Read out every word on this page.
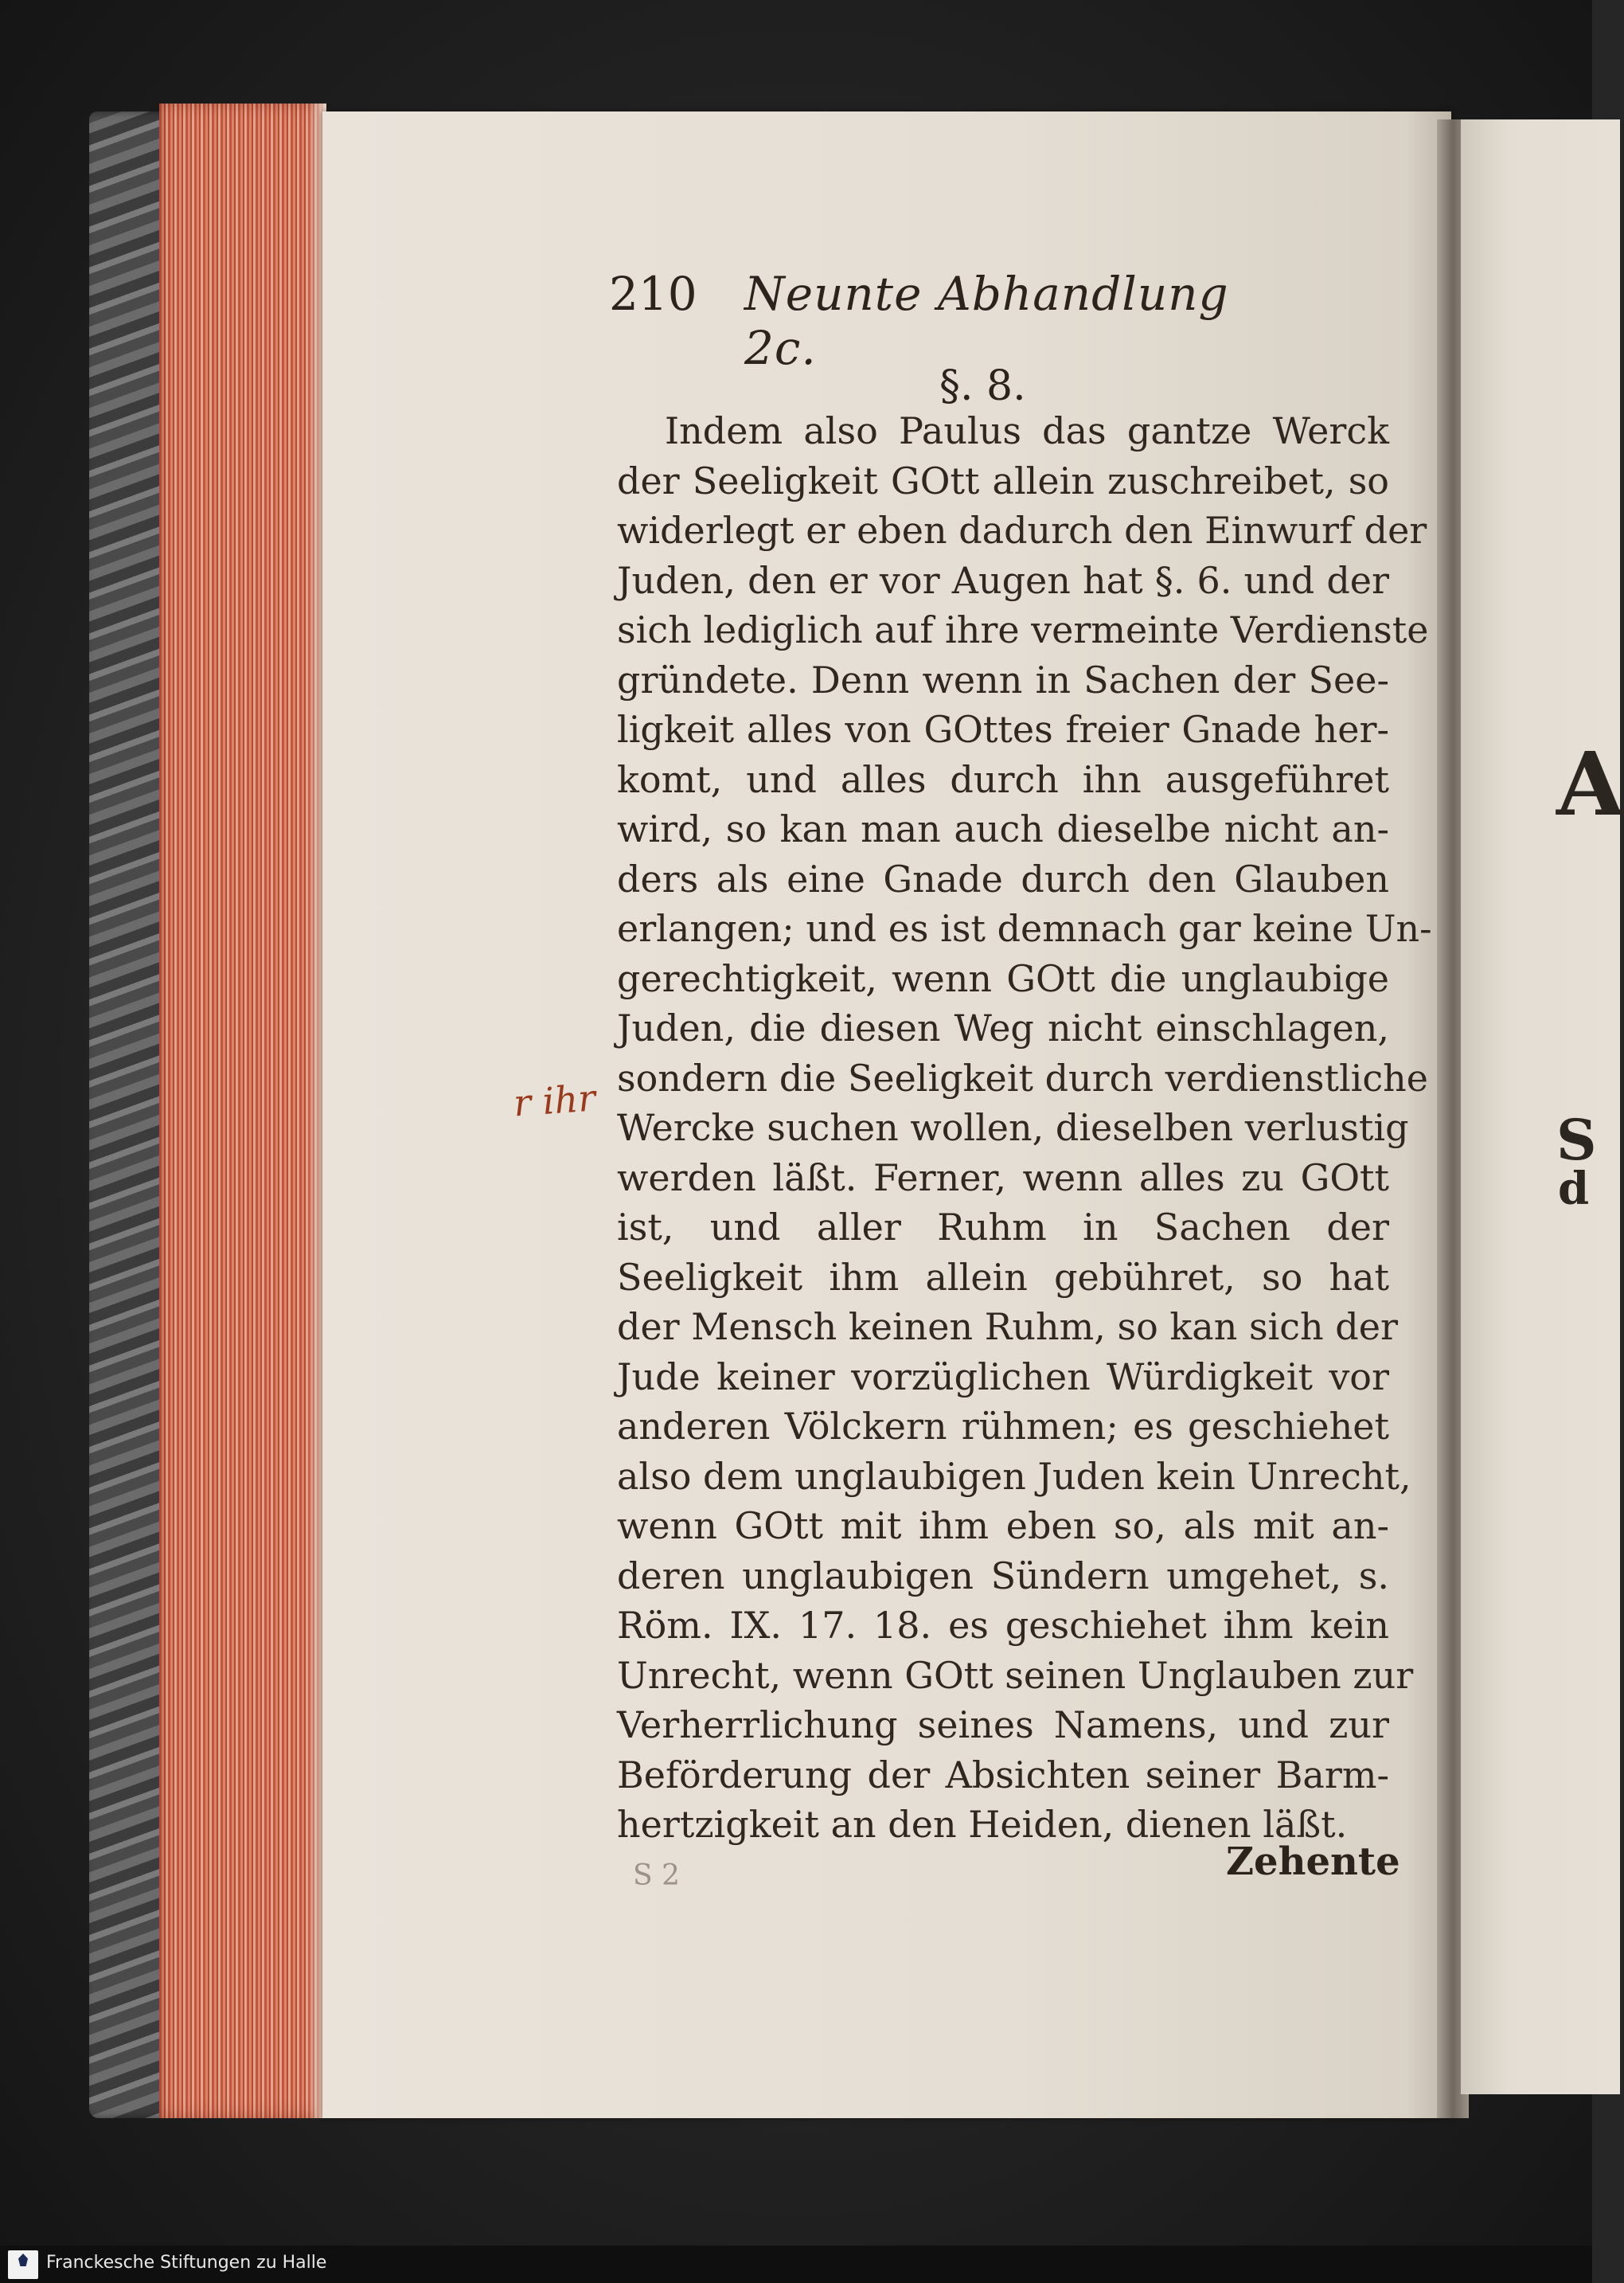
A
S
d
210 Neunte Abhandlung 2c.
§. 8.
Indem also Paulus das gantze Werck
der Seeligkeit GOtt allein zuschreibet, so
widerlegt er eben dadurch den Einwurf der
Juden, den er vor Augen hat §. 6. und der
sich lediglich auf ihre vermeinte Verdienste
gründete. Denn wenn in Sachen der See-
ligkeit alles von GOttes freier Gnade her-
komt, und alles durch ihn ausgeführet
wird, so kan man auch dieselbe nicht an-
ders als eine Gnade durch den Glauben
erlangen; und es ist demnach gar keine Un-
gerechtigkeit, wenn GOtt die unglaubige
Juden, die diesen Weg nicht einschlagen,
sondern die Seeligkeit durch verdienstliche
Wercke suchen wollen, dieselben verlustig
werden läßt. Ferner, wenn alles zu GOtt
ist, und aller Ruhm in Sachen der
Seeligkeit ihm allein gebühret, so hat
der Mensch keinen Ruhm, so kan sich der
Jude keiner vorzüglichen Würdigkeit vor
anderen Völckern rühmen; es geschiehet
also dem unglaubigen Juden kein Unrecht,
wenn GOtt mit ihm eben so, als mit an-
deren unglaubigen Sündern umgehet, s.
Röm. IX. 17. 18. es geschiehet ihm kein
Unrecht, wenn GOtt seinen Unglauben zur
Verherrlichung seines Namens, und zur
Beförderung der Absichten seiner Barm-
hertzigkeit an den Heiden, dienen läßt.
r ihr
Zehente
S 2
Franckesche Stiftungen zu Halle
